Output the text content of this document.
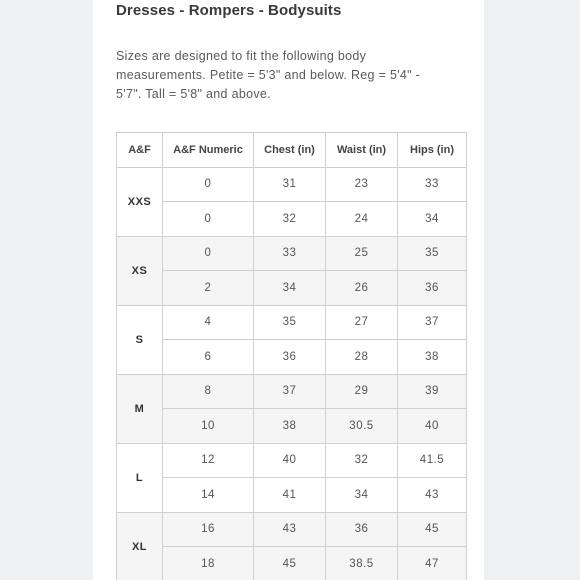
Dresses - Rompers - Bodysuits

Sizes are designed to fit the following body measurements. Petite = 5'3" and below. Reg = 5'4" - 5'7". Tall = 5'8" and above.

A&F	A&F Numeric	Chest (in)	Waist (in)	Hips (in)
XXS	0	31	23	33
	0	32	24	34
XS	0	33	25	35
	2	34	26	36
S	4	35	27	37
	6	36	28	38
M	8	37	29	39
	10	38	30.5	40
L	12	40	32	41.5
	14	41	34	43
XL	16	43	36	45
	18	45	38.5	47
